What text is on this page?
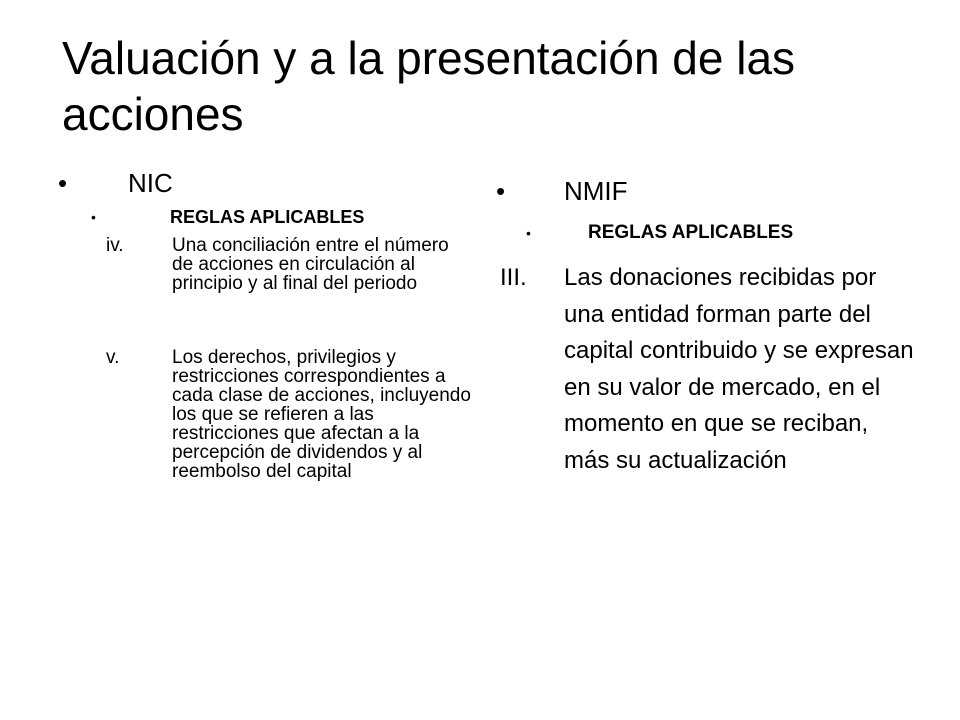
Valuación y a la presentación de las acciones
• NIC
•	REGLAS APLICABLES
iv.	Una conciliación entre el número de acciones en circulación al principio y al final del periodo
v.	Los derechos, privilegios y restricciones correspondientes a cada clase de acciones, incluyendo los que se refieren a las restricciones que afectan a la percepción de dividendos y al reembolso del capital
• NMIF
•	REGLAS APLICABLES
III. Las donaciones recibidas por una entidad forman parte del capital contribuido y se expresan en su valor de mercado, en el momento en que se reciban, más su actualización
